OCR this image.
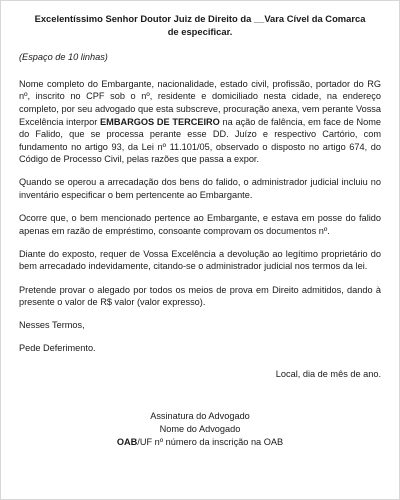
Excelentíssimo Senhor Doutor Juiz de Direito da __Vara Cível da Comarca
de especificar.
(Espaço de 10 linhas)

Nome completo do Embargante, nacionalidade, estado civil, profissão, portador do RG nº, inscrito no CPF sob o nº, residente e domiciliado nesta cidade, na endereço completo, por seu advogado que esta subscreve, procuração anexa, vem perante Vossa Excelência interpor EMBARGOS DE TERCEIRO na ação de falência, em face de Nome do Falido, que se processa perante esse DD. Juízo e respectivo Cartório, com fundamento no artigo 93, da Lei nº 11.101/05, observado o disposto no artigo 674, do Código de Processo Civil, pelas razões que passa a expor.

Quando se operou a arrecadação dos bens do falido, o administrador judicial incluiu no inventário especificar o bem pertencente ao Embargante.

Ocorre que, o bem mencionado pertence ao Embargante, e estava em posse do falido apenas em razão de empréstimo, consoante comprovam os documentos nº.

Diante do exposto, requer de Vossa Excelência a devolução ao legítimo proprietário do bem arrecadado indevidamente, citando-se o administrador judicial nos termos da lei.

Pretende provar o alegado por todos os meios de prova em Direito admitidos, dando à presente o valor de R$ valor (valor expresso).

Nesses Termos,

Pede Deferimento.

Local, dia de mês de ano.
Assinatura do Advogado
Nome do Advogado
OAB/UF nº número da inscrição na OAB
